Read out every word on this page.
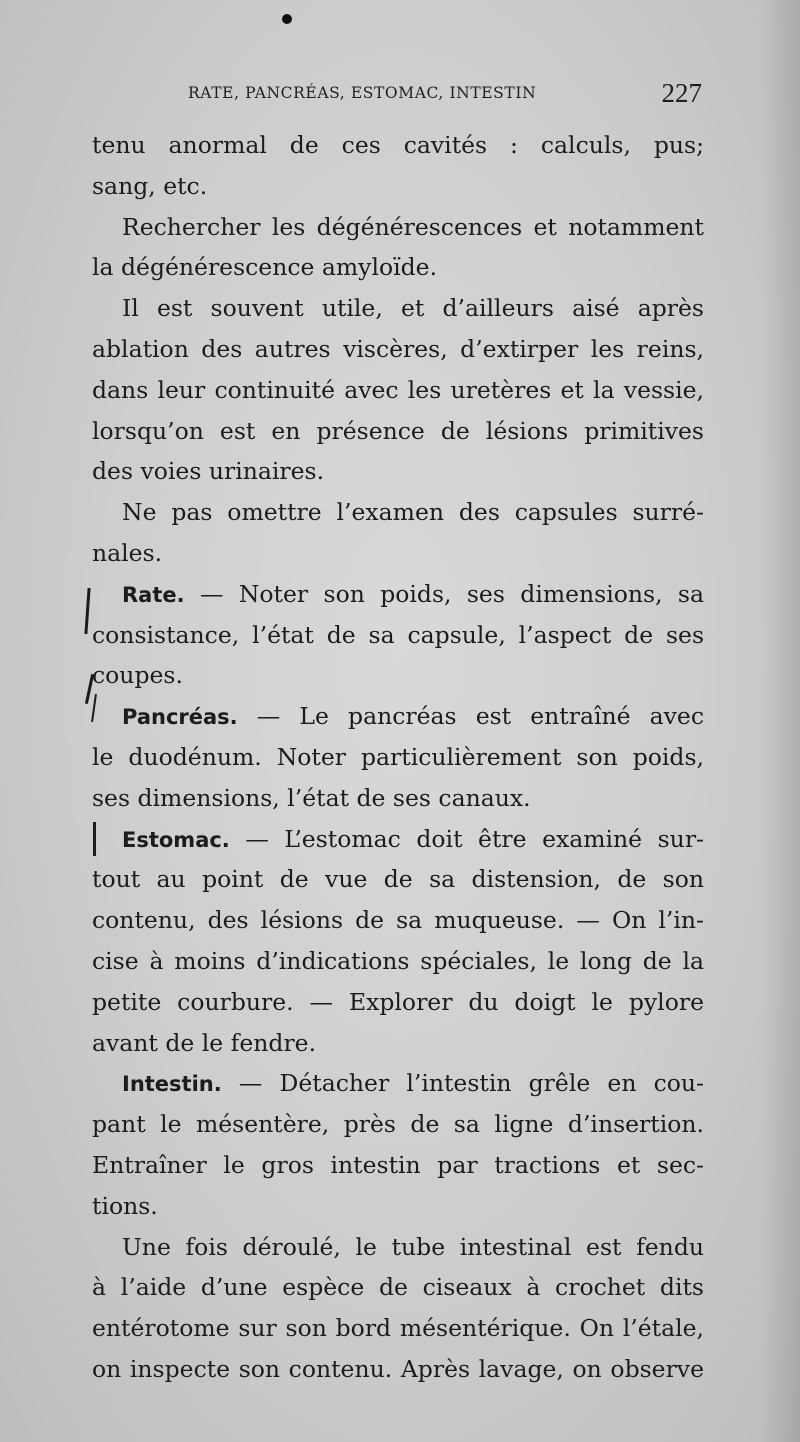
RATE, PANCRÉAS, ESTOMAC, INTESTIN	227
tenu anormal de ces cavités : calculs, pus;
sang, etc.
Rechercher les dégénérescences et notamment
la dégénérescence amyloïde.
Il est souvent utile, et d’ailleurs aisé après
ablation des autres viscères, d’extirper les reins,
dans leur continuité avec les uretères et la vessie,
lorsqu’on est en présence de lésions primitives
des voies urinaires.
Ne pas omettre l’examen des capsules surré-
nales.
Rate. — Noter son poids, ses dimensions, sa
consistance, l’état de sa capsule, l’aspect de ses
coupes.
Pancréas. — Le pancréas est entraîné avec
le duodénum. Noter particulièrement son poids,
ses dimensions, l’état de ses canaux.
Estomac. — L’estomac doit être examiné sur-
tout au point de vue de sa distension, de son
contenu, des lésions de sa muqueuse. — On l’in-
cise à moins d’indications spéciales, le long de la
petite courbure. — Explorer du doigt le pylore
avant de le fendre.
Intestin. — Détacher l’intestin grêle en cou-
pant le mésentère, près de sa ligne d’insertion.
Entraîner le gros intestin par tractions et sec-
tions.
Une fois déroulé, le tube intestinal est fendu
à l’aide d’une espèce de ciseaux à crochet dits
entérotome sur son bord mésentérique. On l’étale,
on inspecte son contenu. Après lavage, on observe
